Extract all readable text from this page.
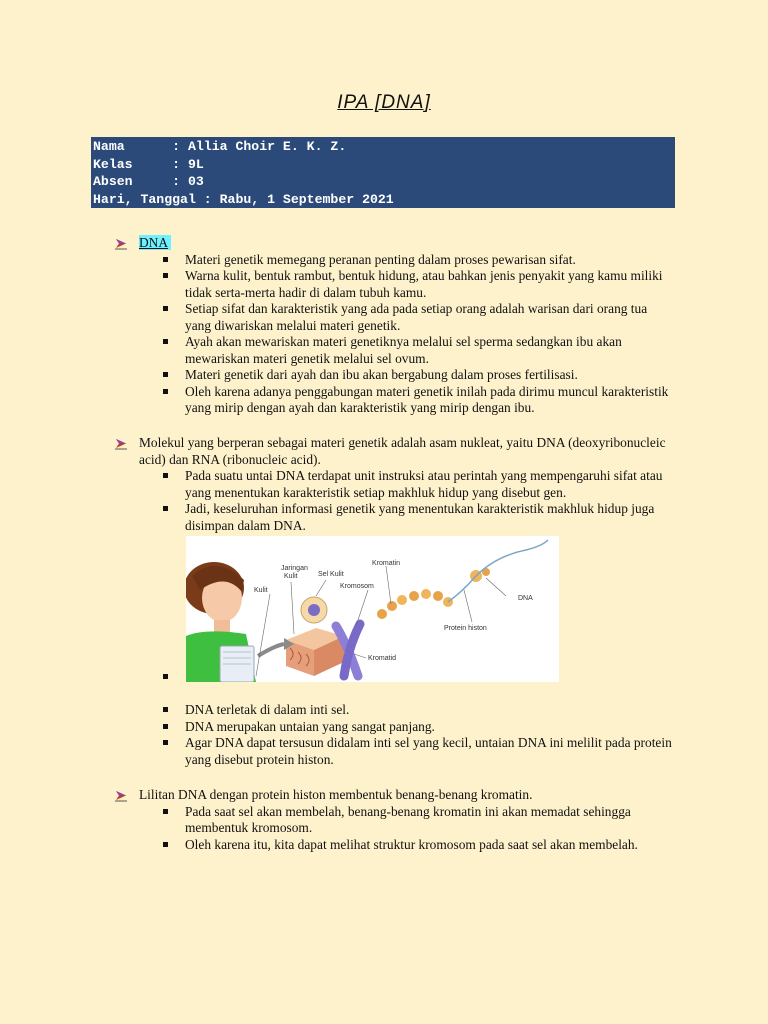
IPA [DNA]
Nama      : Allia Choir E. K. Z.
Kelas     : 9L
Absen     : 03
Hari, Tanggal : Rabu, 1 September 2021
DNA
Materi genetik memegang peranan penting dalam proses pewarisan sifat.
Warna kulit, bentuk rambut, bentuk hidung, atau bahkan jenis penyakit yang kamu miliki tidak serta-merta hadir di dalam tubuh kamu.
Setiap sifat dan karakteristik yang ada pada setiap orang adalah warisan dari orang tua yang diwariskan melalui materi genetik.
Ayah akan mewariskan materi genetiknya melalui sel sperma sedangkan ibu akan mewariskan materi genetik melalui sel ovum.
Materi genetik dari ayah dan ibu akan bergabung dalam proses fertilisasi.
Oleh karena adanya penggabungan materi genetik inilah pada dirimu muncul karakteristik yang mirip dengan ayah dan karakteristik yang mirip dengan ibu.
Molekul yang berperan sebagai materi genetik adalah asam nukleat, yaitu DNA (deoxyribonucleic acid) dan RNA (ribonucleic acid).
Pada suatu untai DNA terdapat unit instruksi atau perintah yang mempengaruhi sifat atau yang menentukan karakteristik setiap makhluk hidup yang disebut gen.
Jadi, keseluruhan informasi genetik yang menentukan karakteristik makhluk hidup juga disimpan dalam DNA.

Jaringan
Kulit
Kulit
Sel Kulit
Kromatin
Kromosom
DNA
Protein histon
Kromatid
DNA terletak di dalam inti sel.
DNA merupakan untaian yang sangat panjang.
Agar DNA dapat tersusun didalam inti sel yang kecil, untaian DNA ini melilit pada protein yang disebut protein histon.
Lilitan DNA dengan protein histon membentuk benang-benang kromatin.
Pada saat sel akan membelah, benang-benang kromatin ini akan memadat sehingga membentuk kromosom.
Oleh karena itu, kita dapat melihat struktur kromosom pada saat sel akan membelah.
